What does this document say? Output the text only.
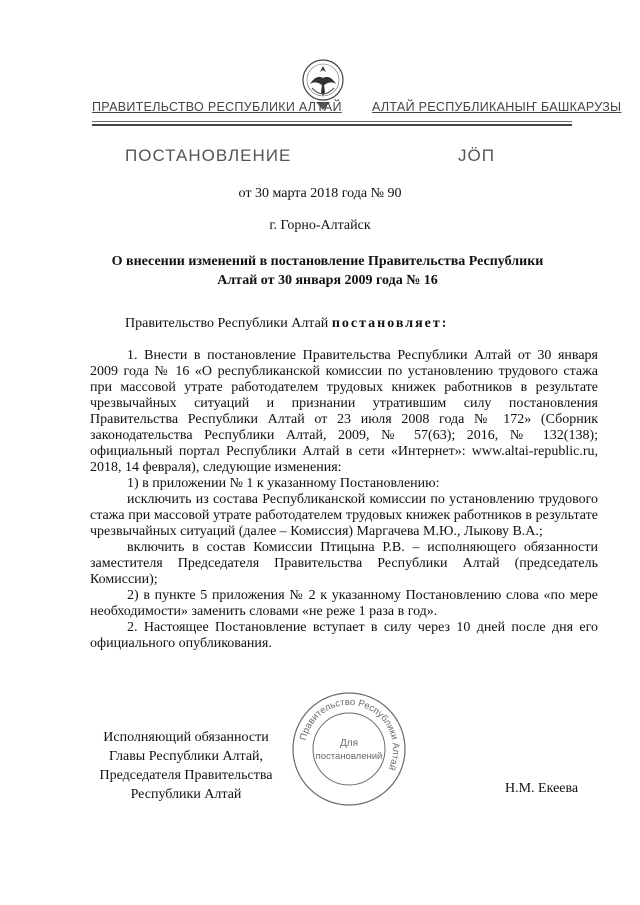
ПРАВИТЕЛЬСТВО РЕСПУБЛИКИ АЛТАЙ АЛТАЙ РЕСПУБЛИКАНЫҤ БАШКАРУЗЫ
ПОСТАНОВЛЕНИЕ	JÖП
от 30 марта 2018 года № 90
г. Горно-Алтайск
О внесении изменений в постановление Правительства Республики Алтай от 30 января 2009 года № 16
Правительство Республики Алтай постановляет:

1. Внести в постановление Правительства Республики Алтай от 30 января 2009 года № 16 «О республиканской комиссии по установлению трудового стажа при массовой утрате работодателем трудовых книжек работников в результате чрезвычайных ситуаций и признании утратившим силу постановления Правительства Республики Алтай от 23 июля 2008 года № 172» (Сборник законодательства Республики Алтай, 2009, № 57(63); 2016, № 132(138); официальный портал Республики Алтай в сети «Интернет»: www.altai-republic.ru, 2018, 14 февраля), следующие изменения:

1) в приложении № 1 к указанному Постановлению:

исключить из состава Республиканской комиссии по установлению трудового стажа при массовой утрате работодателем трудовых книжек работников в результате чрезвычайных ситуаций (далее – Комиссия) Маргачева М.Ю., Лыкову В.А.;

включить в состав Комиссии Птицына Р.В. – исполняющего обязанности заместителя Председателя Правительства Республики Алтай (председатель Комиссии);

2) в пункте 5 приложения № 2 к указанному Постановлению слова «по мере необходимости» заменить словами «не реже 1 раза в год».

2. Настоящее Постановление вступает в силу через 10 дней после дня его официального опубликования.

Правительство Республики Алтай
Для
постановлений
Исполняющий обязанности
Главы Республики Алтай,
Председателя Правительства
Республики Алтай	Н.М. Екеева
